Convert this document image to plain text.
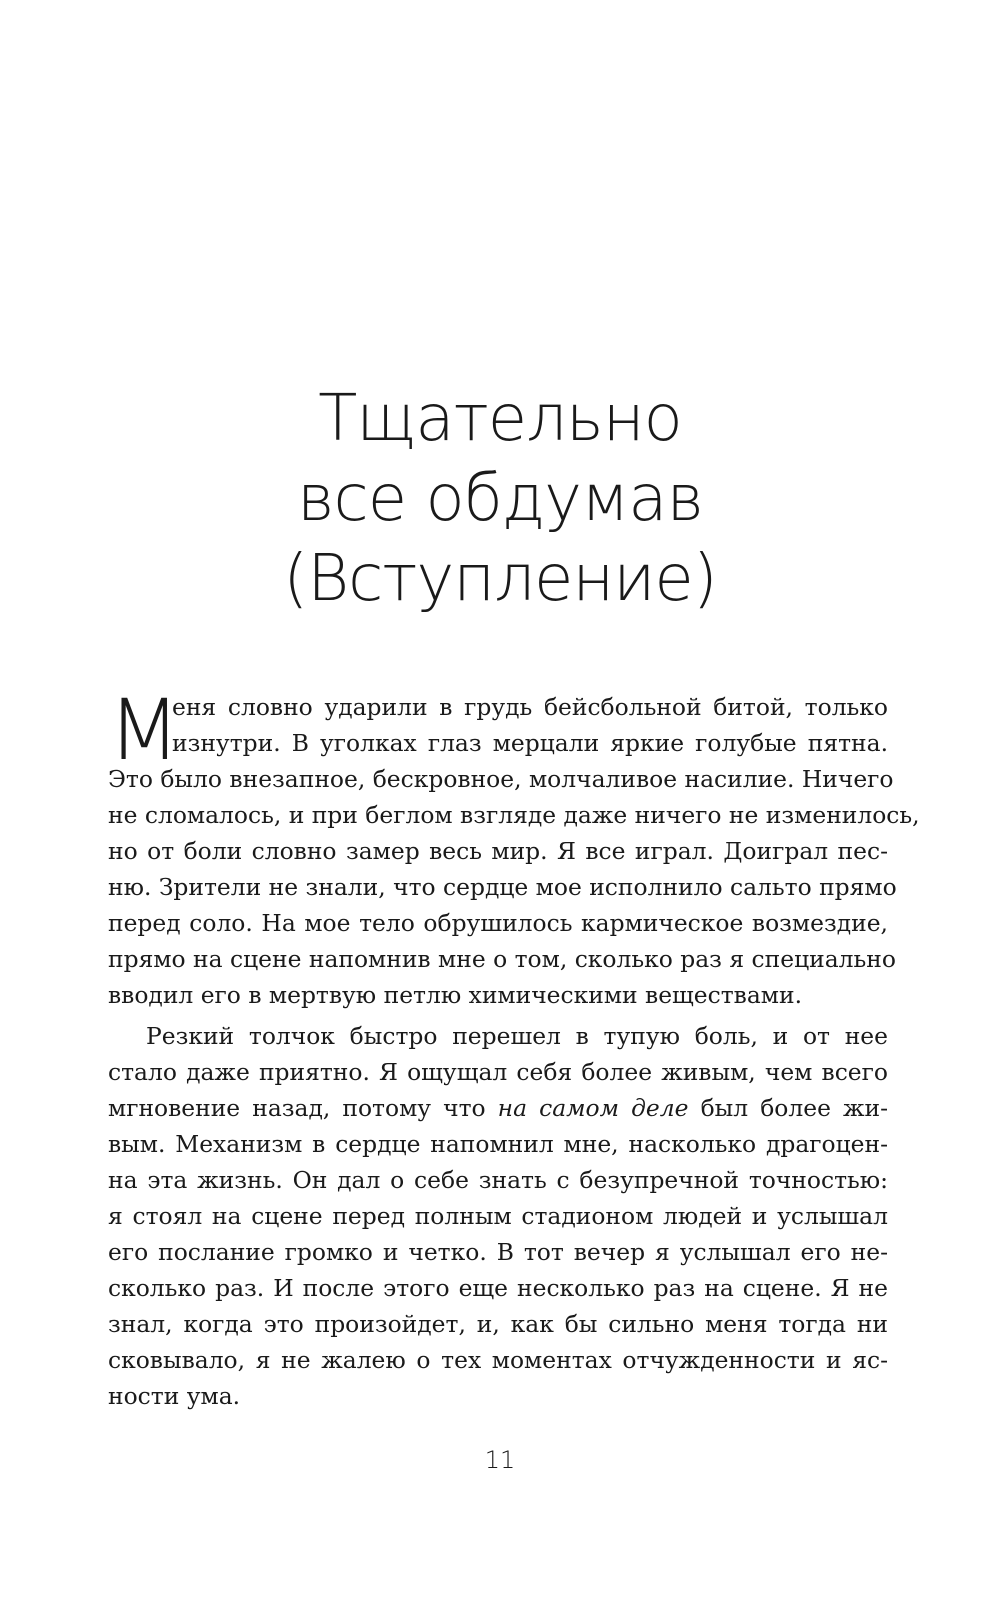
Тщательно
все обдумав
(Вступление)
М
еня словно ударили в грудь бейсбольной битой, только
изнутри. В уголках глаз мерцали яркие голубые пятна.
Это было внезапное, бескровное, молчаливое насилие. Ничего
не сломалось, и при беглом взгляде даже ничего не изменилось,
но от боли словно замер весь мир. Я все играл. Доиграл пес-
ню. Зрители не знали, что сердце мое исполнило сальто прямо
перед соло. На мое тело обрушилось кармическое возмездие,
прямо на сцене напомнив мне о том, сколько раз я специально
вводил его в мертвую петлю химическими веществами.
Резкий толчок быстро перешел в тупую боль, и от нее
стало даже приятно. Я ощущал себя более живым, чем всего
мгновение назад, потому что на самом деле был более жи-
вым. Механизм в сердце напомнил мне, насколько драгоцен-
на эта жизнь. Он дал о себе знать с безупречной точностью:
я стоял на сцене перед полным стадионом людей и услышал
его послание громко и четко. В тот вечер я услышал его не-
сколько раз. И после этого еще несколько раз на сцене. Я не
знал, когда это произойдет, и, как бы сильно меня тогда ни
сковывало, я не жалею о тех моментах отчужденности и яс-
ности ума.
11
